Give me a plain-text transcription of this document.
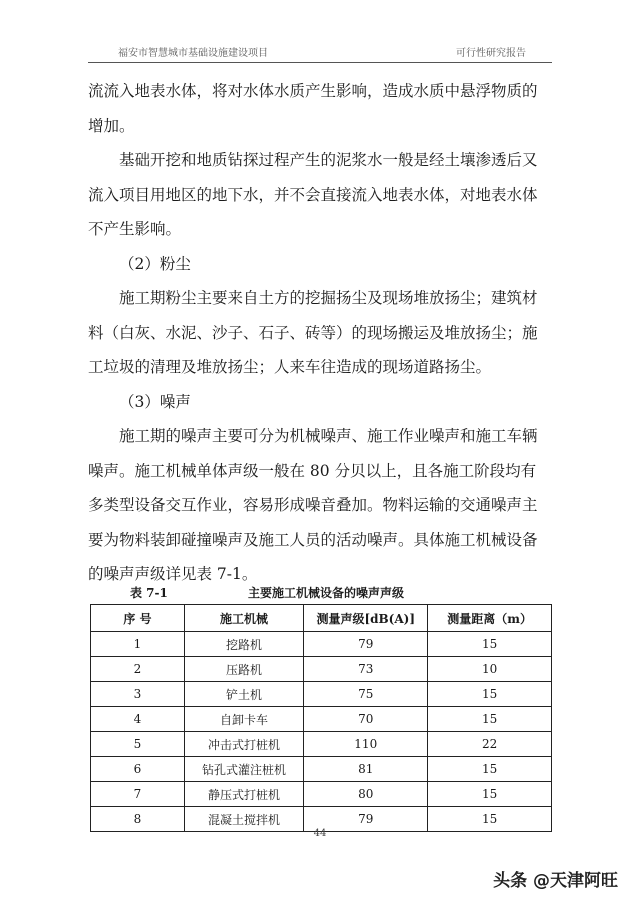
福安市智慧城市基础设施建设项目	可行性研究报告

流流入地表水体，将对水体水质产生影响，造成水质中悬浮物质的增加。

基础开挖和地质钻探过程产生的泥浆水一般是经土壤渗透后又流入项目用地区的地下水，并不会直接流入地表水体，对地表水体不产生影响。

（2）粉尘

施工期粉尘主要来自土方的挖掘扬尘及现场堆放扬尘；建筑材料（白灰、水泥、沙子、石子、砖等）的现场搬运及堆放扬尘；施工垃圾的清理及堆放扬尘；人来车往造成的现场道路扬尘。

（3）噪声

施工期的噪声主要可分为机械噪声、施工作业噪声和施工车辆噪声。施工机械单体声级一般在 80 分贝以上，且各施工阶段均有多类型设备交互作业，容易形成噪音叠加。物料运输的交通噪声主要为物料装卸碰撞噪声及施工人员的活动噪声。具体施工机械设备的噪声声级详见表 7-1。

表 7-1	主要施工机械设备的噪声声级
序 号	施工机械	测量声级[dB(A)]	测量距离（m）
1	挖路机	79	15
2	压路机	73	10
3	铲土机	75	15
4	自卸卡车	70	15
5	冲击式打桩机	110	22
6	钻孔式灌注桩机	81	15
7	静压式打桩机	80	15
8	混凝土搅拌机	79	15
44
头条 @天津阿旺
